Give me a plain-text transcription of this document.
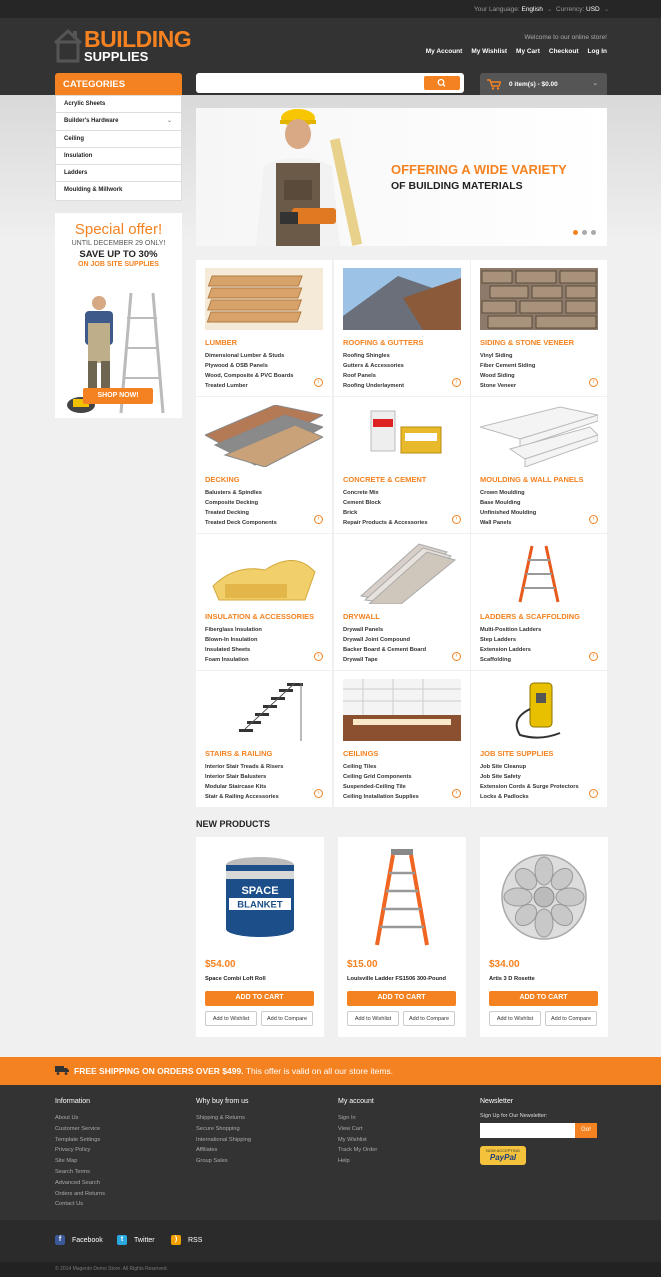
Your Language: English ⌄ Currency: USD ⌄
BUILDING
SUPPLIES
Welcome to our online store!
My Account My Wishlist My Cart Checkout Log In
CATEGORIES	0 item(s) - $0.00	⌄
Acrylic Sheets
Builder's Hardware	⌄
Ceiling
Insulation
Ladders
Moulding & Millwork
Special offer!
UNTIL DECEMBER 29 ONLY!
SAVE UP TO 30%
ON JOB SITE SUPPLIES
SHOP NOW!
OFFERING A WIDE VARIETY
OF BUILDING MATERIALS
LUMBER
Dimensional Lumber & Studs
Plywood & OSB Panels
Wood, Composite & PVC Boards
Treated Lumber
›
ROOFING & GUTTERS
Roofing Shingles
Gutters & Accessories
Roof Panels
Roofing Underlayment
›
SIDING & STONE VENEER
Vinyl Siding
Fiber Cement Siding
Wood Siding
Stone Veneer
›
DECKING
Balusters & Spindles
Composite Decking
Treated Decking
Treated Deck Components
›
CONCRETE & CEMENT
Concrete Mix
Cement Block
Brick
Repair Products & Accessories
›
MOULDING & WALL PANELS
Crown Moulding
Base Moulding
Unfinished Moulding
Wall Panels
›
INSULATION & ACCESSORIES
Fiberglass Insulation
Blown-In Insulation
Insulated Sheets
Foam Insulation
›
DRYWALL
Drywall Panels
Drywall Joint Compound
Backer Board & Cement Board
Drywall Tape
›
LADDERS & SCAFFOLDING
Multi-Position Ladders
Step Ladders
Extension Ladders
Scaffolding
›
STAIRS & RAILING
Interior Stair Treads & Risers
Interior Stair Balusters
Modular Staircase Kits
Stair & Railing Accessories
›
CEILINGS
Ceiling Tiles
Ceiling Grid Components
Suspended-Ceiling Tile
Ceiling Installation Supplies
›
JOB SITE SUPPLIES
Job Site Cleanup
Job Site Safety
Extension Cords & Surge Protectors
Locks & Padlocks
›
NEW PRODUCTS
SPACE
BLANKET
$54.00
Space Combi Loft Roll
ADD TO CART
Add to Wishlist	Add to Compare
$15.00
Louisville Ladder FS1506 300-Pound
ADD TO CART
Add to Wishlist	Add to Compare
$34.00
Artis 3 D Rosette
ADD TO CART
Add to Wishlist	Add to Compare
FREE SHIPPING ON ORDERS OVER $499. This offer is valid on all our store items.
Information
About Us
Customer Service
Template Settings
Privacy Policy
Site Map
Search Terms
Advanced Search
Orders and Returns
Contact Us
Why buy from us
Shipping & Returns
Secure Shopping
International Shipping
Affiliates
Group Sales
My account
Sign In
View Cart
My Wishlist
Track My Order
Help
Newsletter
Sign Up for Our Newsletter:
Go!
NOW ACCEPTING
PayPal
f Facebook	t Twitter	) RSS
© 2014 Magento Demo Store. All Rights Reserved.
